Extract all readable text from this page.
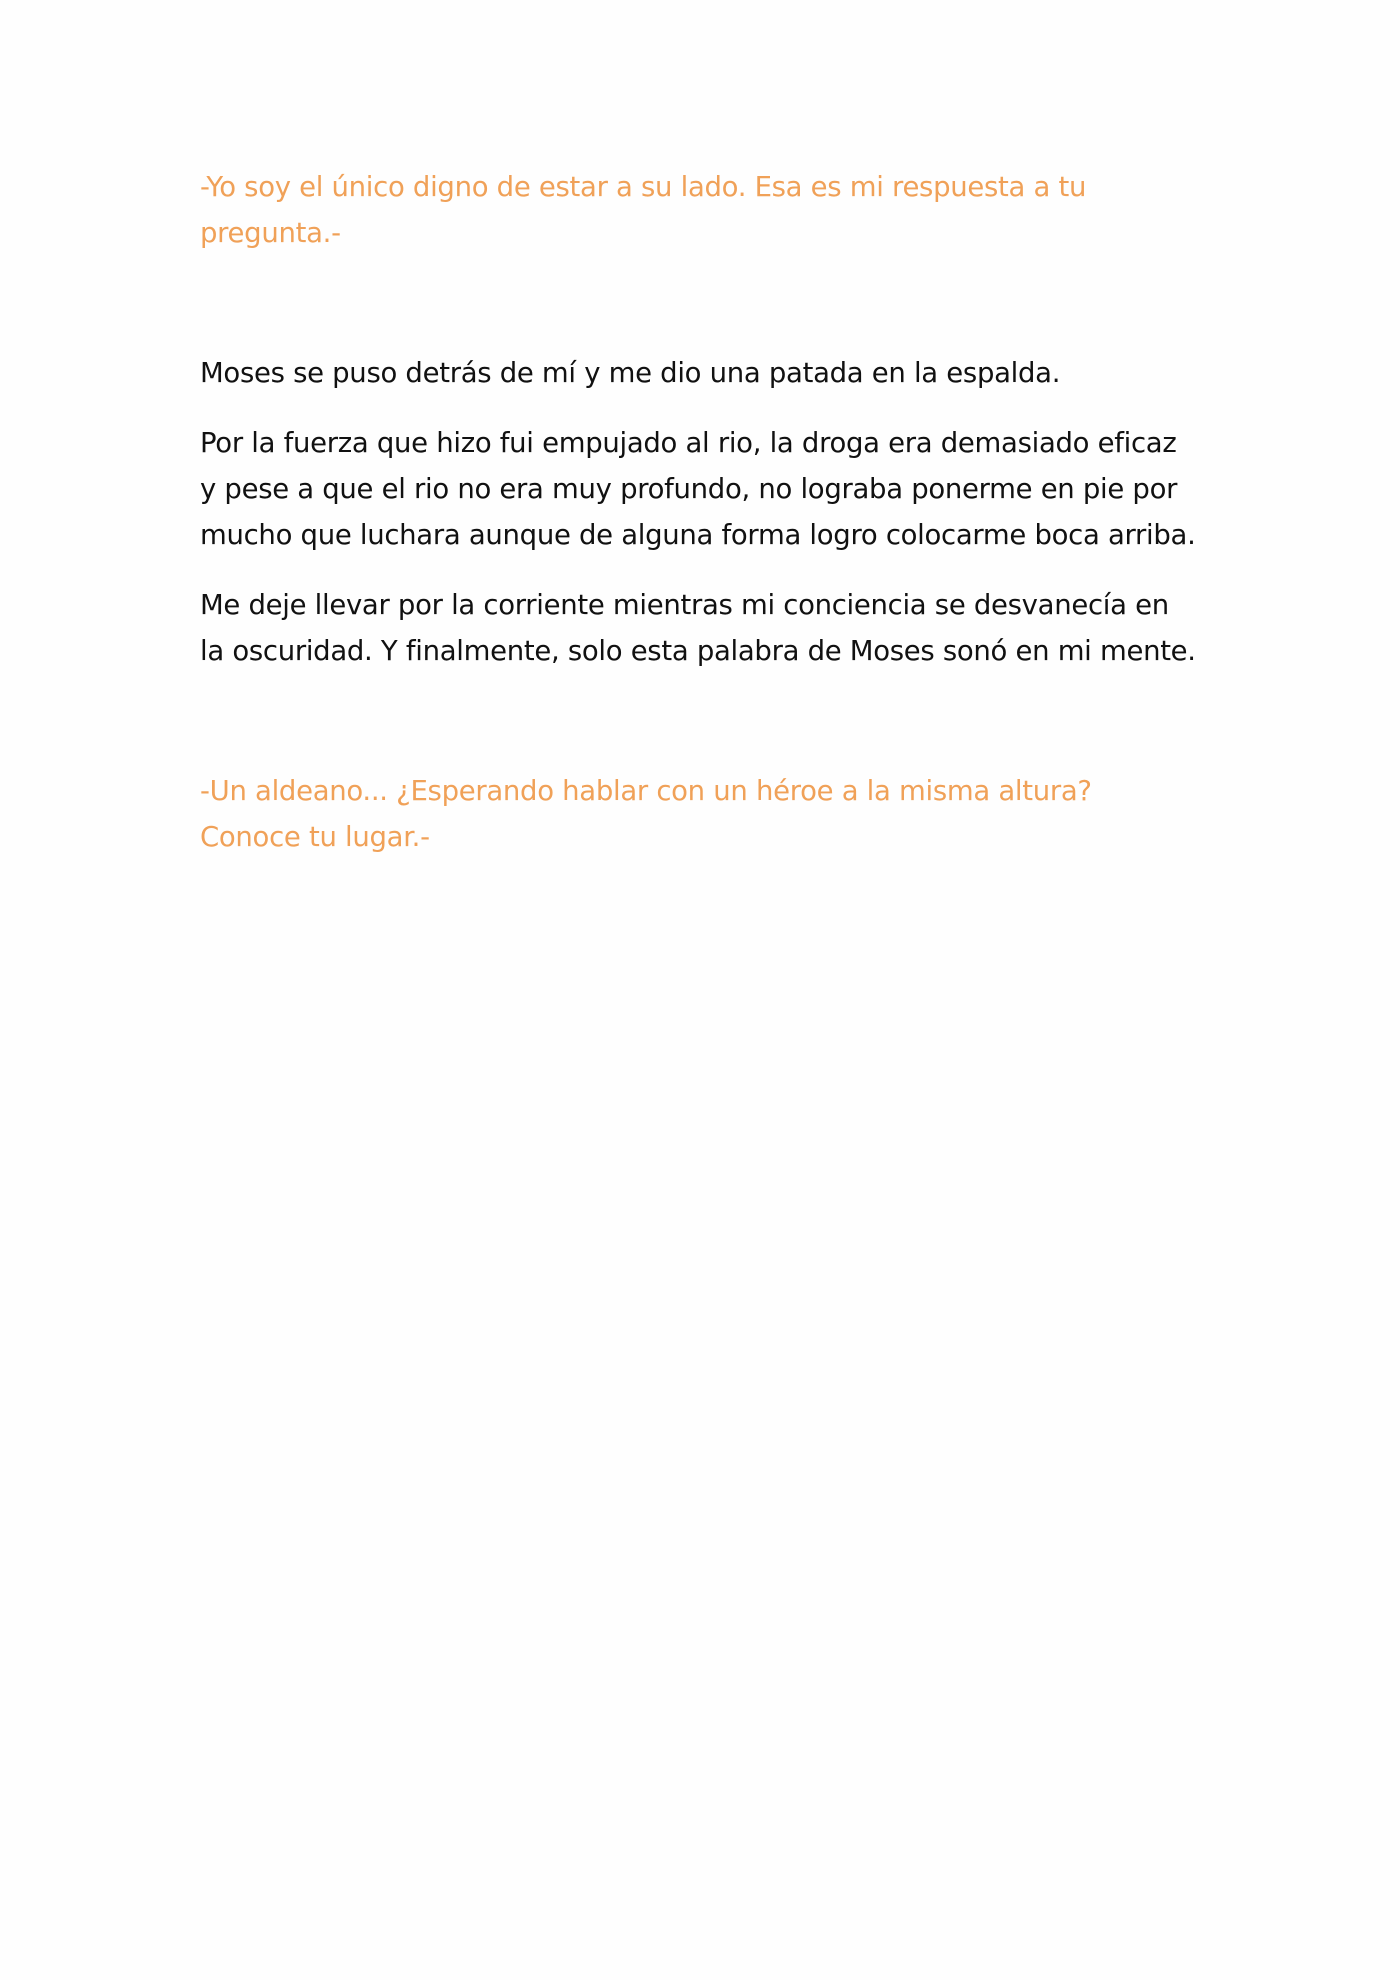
-Yo soy el único digno de estar a su lado. Esa es mi respuesta a tu pregunta.-

Moses se puso detrás de mí y me dio una patada en la espalda.

Por la fuerza que hizo fui empujado al rio, la droga era demasiado eficaz y pese a que el rio no era muy profundo, no lograba ponerme en pie por mucho que luchara aunque de alguna forma logro colocarme boca arriba.

Me deje llevar por la corriente mientras mi conciencia se desvanecía en la oscuridad. Y finalmente, solo esta palabra de Moses sonó en mi mente.

-Un aldeano... ¿Esperando hablar con un héroe a la misma altura? Conoce tu lugar.-
